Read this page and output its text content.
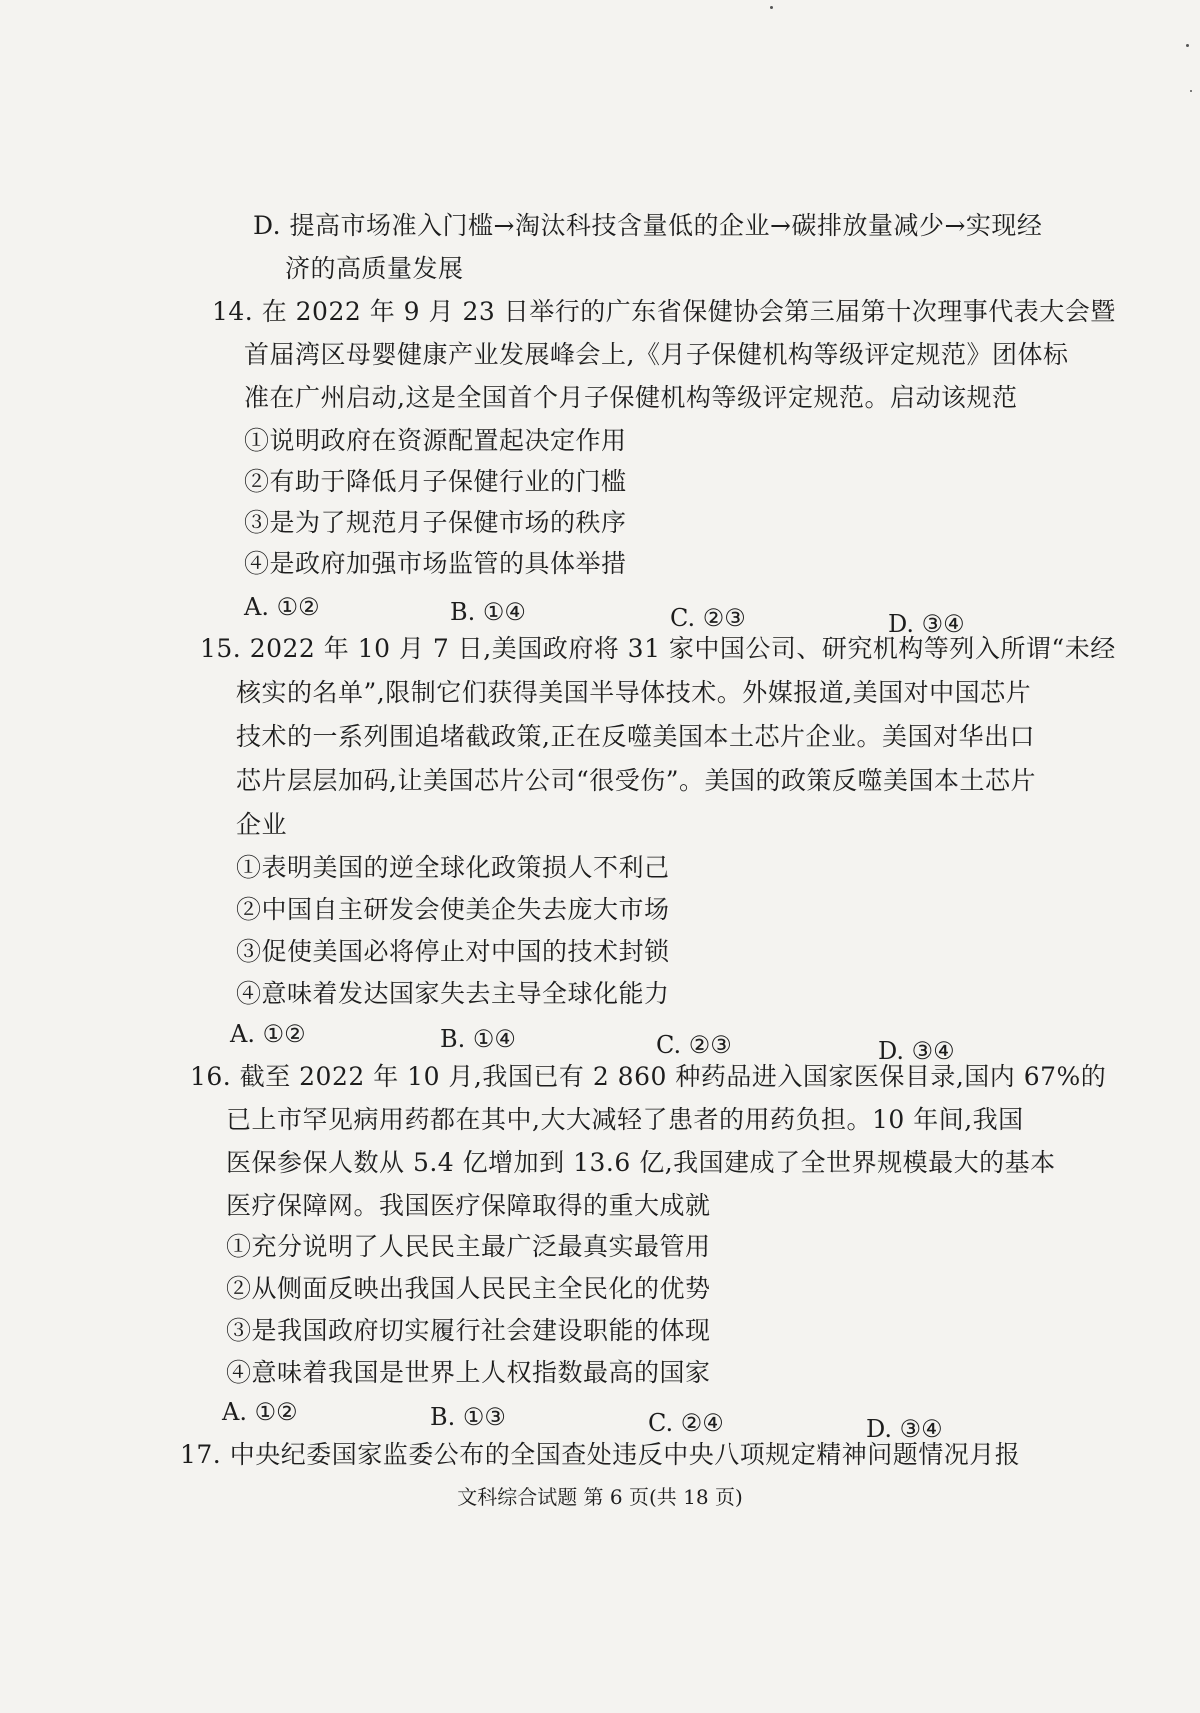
D. 提高市场准入门槛→淘汰科技含量低的企业→碳排放量减少→实现经
济的高质量发展
14. 在 2022 年 9 月 23 日举行的广东省保健协会第三届第十次理事代表大会暨
首届湾区母婴健康产业发展峰会上,《月子保健机构等级评定规范》团体标
准在广州启动,这是全国首个月子保健机构等级评定规范。启动该规范
①说明政府在资源配置起决定作用
②有助于降低月子保健行业的门槛
③是为了规范月子保健市场的秩序
④是政府加强市场监管的具体举措
A. ①②	B. ①④	C. ②③	D. ③④
15. 2022 年 10 月 7 日,美国政府将 31 家中国公司、研究机构等列入所谓“未经
核实的名单”,限制它们获得美国半导体技术。外媒报道,美国对中国芯片
技术的一系列围追堵截政策,正在反噬美国本土芯片企业。美国对华出口
芯片层层加码,让美国芯片公司“很受伤”。美国的政策反噬美国本土芯片
企业
①表明美国的逆全球化政策损人不利己
②中国自主研发会使美企失去庞大市场
③促使美国必将停止对中国的技术封锁
④意味着发达国家失去主导全球化能力
A. ①②	B. ①④	C. ②③	D. ③④
16. 截至 2022 年 10 月,我国已有 2 860 种药品进入国家医保目录,国内 67%的
已上市罕见病用药都在其中,大大减轻了患者的用药负担。10 年间,我国
医保参保人数从 5.4 亿增加到 13.6 亿,我国建成了全世界规模最大的基本
医疗保障网。我国医疗保障取得的重大成就
①充分说明了人民民主最广泛最真实最管用
②从侧面反映出我国人民民主全民化的优势
③是我国政府切实履行社会建设职能的体现
④意味着我国是世界上人权指数最高的国家
A. ①②	B. ①③	C. ②④	D. ③④
17. 中央纪委国家监委公布的全国查处违反中央八项规定精神问题情况月报
文科综合试题 第 6 页(共 18 页)
